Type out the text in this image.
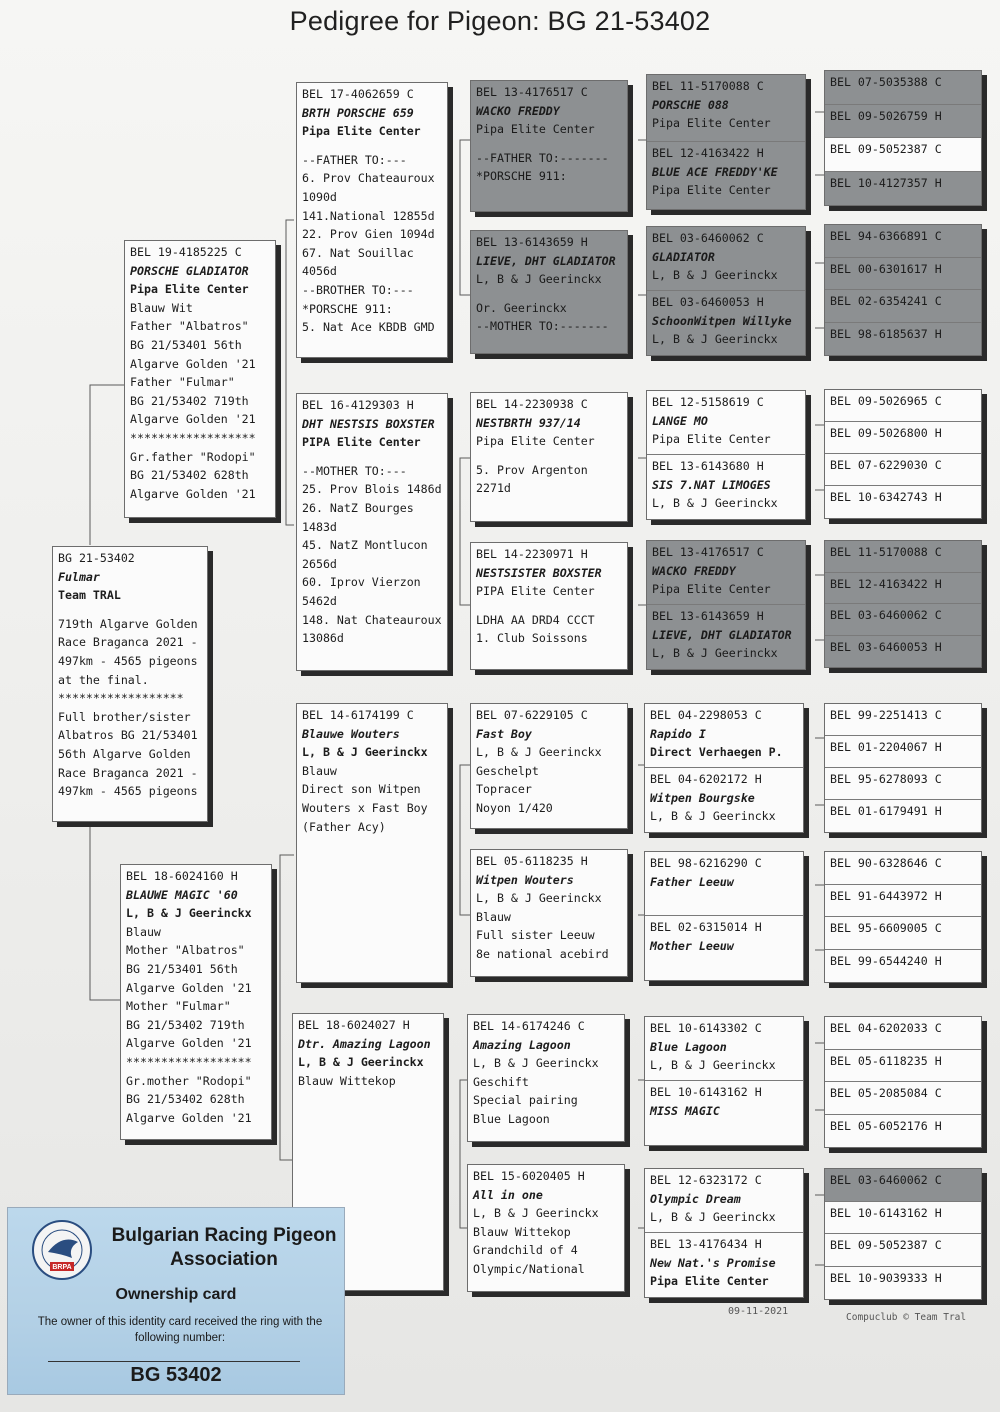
Pedigree for Pigeon: BG 21-53402
BG 21-53402
Fulmar
Team TRAL
719th Algarve Golden
Race Braganca 2021 -
497km - 4565 pigeons
at the final.
******************
Full brother/sister
Albatros BG 21/53401
56th Algarve Golden
Race Braganca 2021 -
497km - 4565 pigeons
BEL 19-4185225 C
PORSCHE GLADIATOR
Pipa Elite Center
Blauw Wit
Father "Albatros"
BG 21/53401 56th
Algarve Golden '21
Father "Fulmar"
BG 21/53402 719th
Algarve Golden '21
******************
Gr.father "Rodopi"
BG 21/53402 628th
Algarve Golden '21
BEL 18-6024160 H
BLAUWE MAGIC '60
L, B & J Geerinckx
Blauw
Mother "Albatros"
BG 21/53401 56th
Algarve Golden '21
Mother "Fulmar"
BG 21/53402 719th
Algarve Golden '21
******************
Gr.mother "Rodopi"
BG 21/53402 628th
Algarve Golden '21
BEL 17-4062659 C
BRTH PORSCHE 659
Pipa Elite Center
--FATHER TO:---
6. Prov Chateauroux
1090d
141.National 12855d
22. Prov Gien 1094d
67. Nat Souillac
4056d
--BROTHER TO:---
*PORSCHE 911:
5. Nat Ace KBDB GMD
BEL 16-4129303 H
DHT NESTSIS BOXSTER
PIPA Elite Center
--MOTHER TO:---
25. Prov Blois 1486d
26. NatZ Bourges
1483d
45. NatZ Montlucon
2656d
60. Iprov Vierzon
5462d
148. Nat Chateauroux
13086d
BEL 14-6174199 C
Blauwe Wouters
L, B & J Geerinckx
Blauw
Direct son Witpen
Wouters x Fast Boy
(Father Acy)
BEL 18-6024027 H
Dtr. Amazing Lagoon
L, B & J Geerinckx
Blauw Wittekop
BEL 13-4176517 C
WACKO FREDDY
Pipa Elite Center
--FATHER TO:-------
*PORSCHE 911:
BEL 13-6143659 H
LIEVE, DHT GLADIATOR
L, B & J Geerinckx
Or. Geerinckx
--MOTHER TO:-------
BEL 14-2230938 C
NESTBRTH 937/14
Pipa Elite Center
5. Prov Argenton
2271d
BEL 14-2230971 H
NESTSISTER BOXSTER
PIPA Elite Center
LDHA AA DRD4 CCCT
1. Club Soissons
BEL 07-6229105 C
Fast Boy
L, B & J Geerinckx
Geschelpt
Topracer
Noyon 1/420
BEL 05-6118235 H
Witpen Wouters
L, B & J Geerinckx
Blauw
Full sister Leeuw
8e national acebird
BEL 14-6174246 C
Amazing Lagoon
L, B & J Geerinckx
Geschift
Special pairing
Blue Lagoon
BEL 15-6020405 H
All in one
L, B & J Geerinckx
Blauw Wittekop
Grandchild of 4
Olympic/National
BEL 11-5170088 C
PORSCHE 088
Pipa Elite Center
BEL 12-4163422 H
BLUE ACE FREDDY'KE
Pipa Elite Center
BEL 03-6460062 C
GLADIATOR
L, B & J Geerinckx
BEL 03-6460053 H
SchoonWitpen Willyke
L, B & J Geerinckx
BEL 12-5158619 C
LANGE MO
Pipa Elite Center
BEL 13-6143680 H
SIS 7.NAT LIMOGES
L, B & J Geerinckx
BEL 13-4176517 C
WACKO FREDDY
Pipa Elite Center
BEL 13-6143659 H
LIEVE, DHT GLADIATOR
L, B & J Geerinckx
BEL 04-2298053 C
Rapido I
Direct Verhaegen P.
BEL 04-6202172 H
Witpen Bourgske
L, B & J Geerinckx
BEL 98-6216290 C
Father Leeuw
BEL 02-6315014 H
Mother Leeuw
BEL 10-6143302 C
Blue Lagoon
L, B & J Geerinckx
BEL 10-6143162 H
MISS MAGIC
BEL 12-6323172 C
Olympic Dream
L, B & J Geerinckx
BEL 13-4176434 H
New Nat.'s Promise
Pipa Elite Center
BEL 07-5035388 C
BEL 09-5026759 H
BEL 09-5052387 C
BEL 10-4127357 H
BEL 94-6366891 C
BEL 00-6301617 H
BEL 02-6354241 C
BEL 98-6185637 H
BEL 09-5026965 C
BEL 09-5026800 H
BEL 07-6229030 C
BEL 10-6342743 H
BEL 11-5170088 C
BEL 12-4163422 H
BEL 03-6460062 C
BEL 03-6460053 H
BEL 99-2251413 C
BEL 01-2204067 H
BEL 95-6278093 C
BEL 01-6179491 H
BEL 90-6328646 C
BEL 91-6443972 H
BEL 95-6609005 C
BEL 99-6544240 H
BEL 04-6202033 C
BEL 05-6118235 H
BEL 05-2085084 C
BEL 05-6052176 H
BEL 03-6460062 C
BEL 10-6143162 H
BEL 09-5052387 C
BEL 10-9039333 H
09-11-2021
Compuclub © Team Tral
BRPA
Bulgarian Racing Pigeon Association
Ownership card
The owner of this identity card received the ring with the following number:
BG 53402
